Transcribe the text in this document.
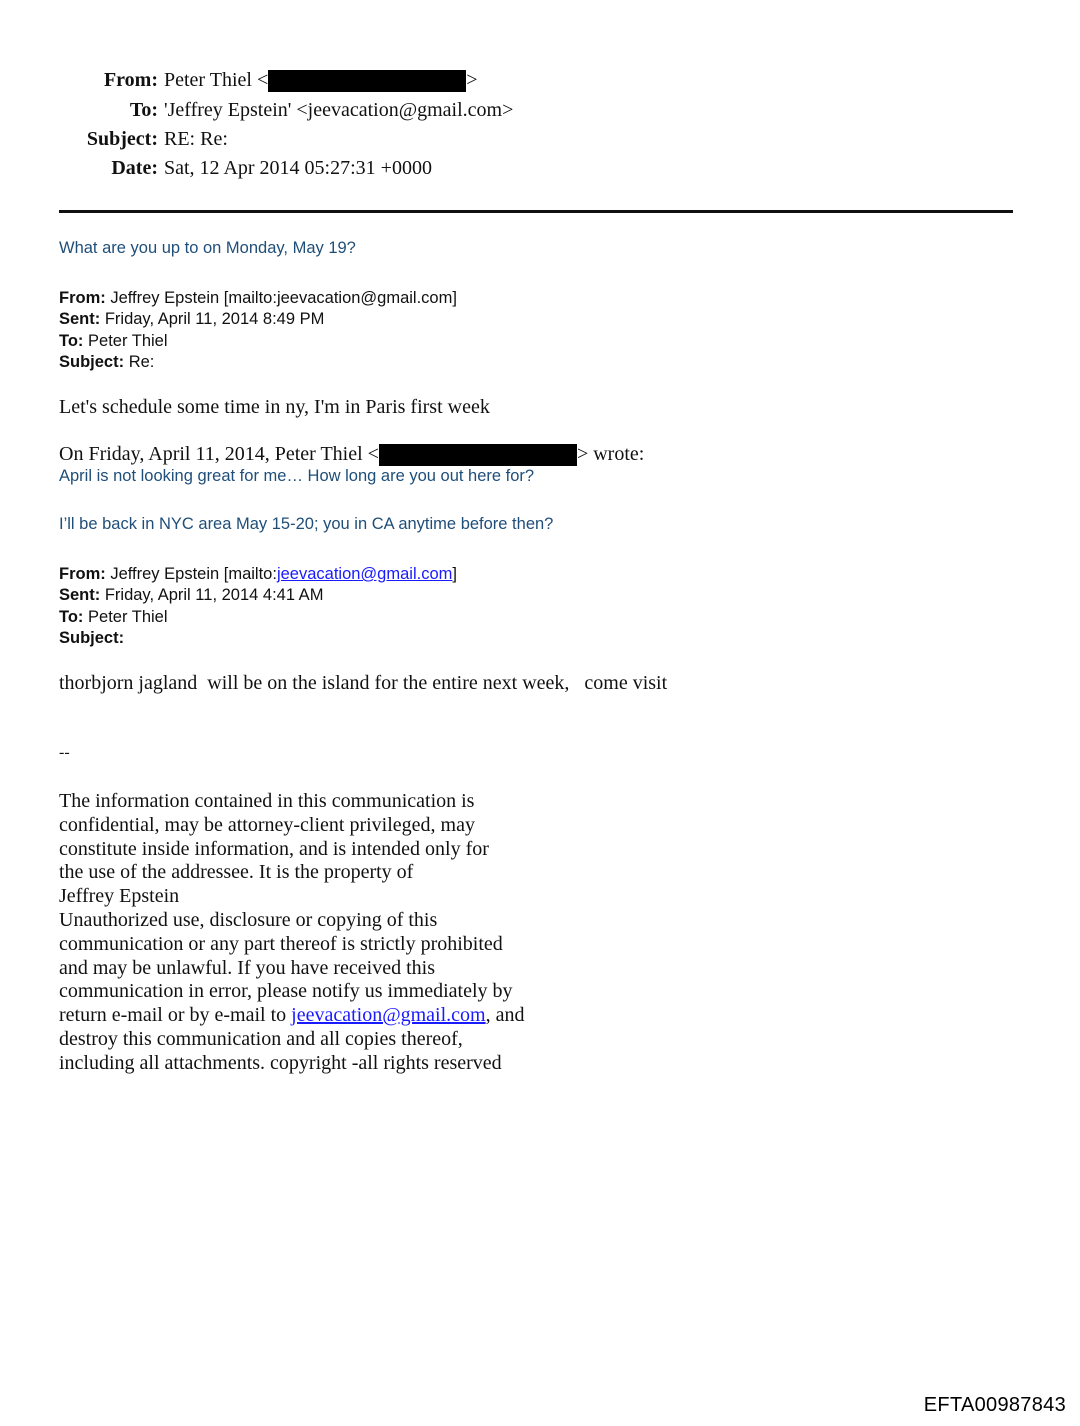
From: Peter Thiel <	>
To: 'Jeffrey Epstein' <jeevacation@gmail.com>
Subject: RE: Re:
Date: Sat, 12 Apr 2014 05:27:31 +0000
What are you up to on Monday, May 19?
From: Jeffrey Epstein [mailto:jeevacation@gmail.com]
Sent: Friday, April 11, 2014 8:49 PM
To: Peter Thiel
Subject: Re:
Let's schedule some time in ny, I'm in Paris first week
On Friday, April 11, 2014, Peter Thiel <	> wrote:
April is not looking great for me… How long are you out here for?
I’ll be back in NYC area May 15-20; you in CA anytime before then?
From: Jeffrey Epstein [mailto:jeevacation@gmail.com]
Sent: Friday, April 11, 2014 4:41 AM
To: Peter Thiel
Subject:
thorbjorn jagland  will be on the island for the entire next week,   come visit
--
The information contained in this communication is
confidential, may be attorney-client privileged, may
constitute inside information, and is intended only for
the use of the addressee. It is the property of
Jeffrey Epstein
Unauthorized use, disclosure or copying of this
communication or any part thereof is strictly prohibited
and may be unlawful. If you have received this
communication in error, please notify us immediately by
return e-mail or by e-mail to jeevacation@gmail.com, and
destroy this communication and all copies thereof,
including all attachments. copyright -all rights reserved
EFTA00987843
